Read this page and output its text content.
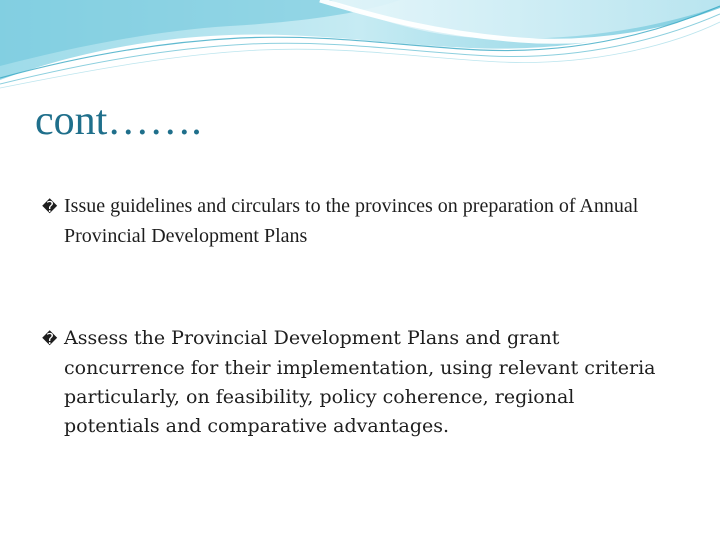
cont…….
� Issue guidelines and circulars to the provinces on preparation of Annual Provincial Development Plans
� Assess the Provincial Development Plans and grant concurrence for their implementation, using relevant criteria particularly, on feasibility, policy coherence, regional potentials and comparative advantages.
